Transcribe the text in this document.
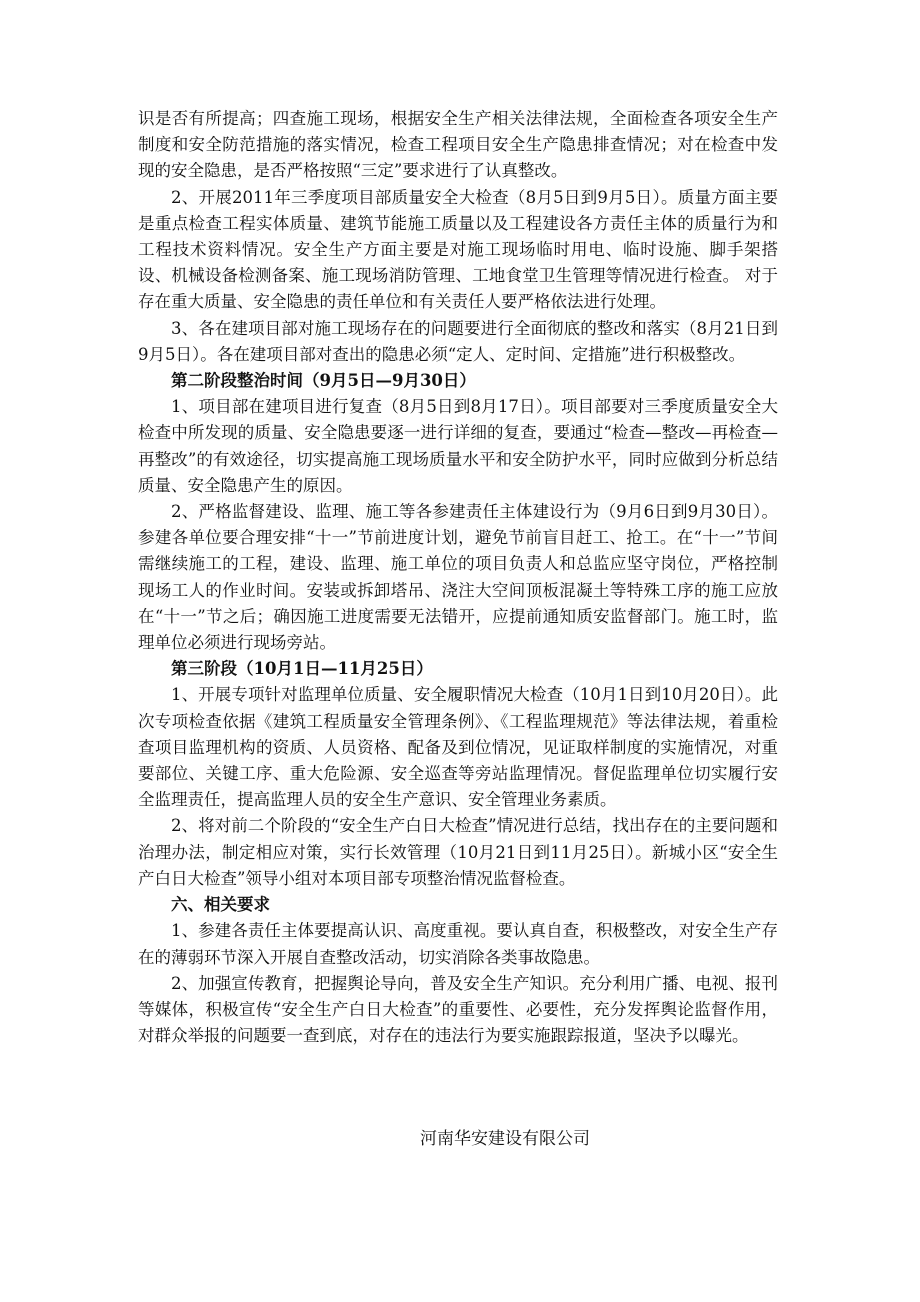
识是否有所提高；四查施工现场，根据安全生产相关法律法规，全面检查各项安全生产制度和安全防范措施的落实情况，检查工程项目安全生产隐患排查情况；对在检查中发现的安全隐患，是否严格按照“三定”要求进行了认真整改。

2、开展2011年三季度项目部质量安全大检查（8月5日到9月5日）。质量方面主要是重点检查工程实体质量、建筑节能施工质量以及工程建设各方责任主体的质量行为和工程技术资料情况。安全生产方面主要是对施工现场临时用电、临时设施、脚手架搭设、机械设备检测备案、施工现场消防管理、工地食堂卫生管理等情况进行检查。 对于存在重大质量、安全隐患的责任单位和有关责任人要严格依法进行处理。

3、各在建项目部对施工现场存在的问题要进行全面彻底的整改和落实（8月21日到9月5日）。各在建项目部对查出的隐患必须“定人、定时间、定措施”进行积极整改。

第二阶段整治时间（9月5日—9月30日）

1、项目部在建项目进行复查（8月5日到8月17日）。项目部要对三季度质量安全大检查中所发现的质量、安全隐患要逐一进行详细的复查，要通过“检查—整改—再检查—再整改”的有效途径，切实提高施工现场质量水平和安全防护水平，同时应做到分析总结质量、安全隐患产生的原因。

2、严格监督建设、监理、施工等各参建责任主体建设行为（9月6日到9月30日）。参建各单位要合理安排“十一”节前进度计划，避免节前盲目赶工、抢工。在“十一”节间需继续施工的工程，建设、监理、施工单位的项目负责人和总监应坚守岗位，严格控制现场工人的作业时间。安装或拆卸塔吊、浇注大空间顶板混凝土等特殊工序的施工应放在“十一”节之后；确因施工进度需要无法错开，应提前通知质安监督部门。施工时，监理单位必须进行现场旁站。

第三阶段（10月1日—11月25日）

1、开展专项针对监理单位质量、安全履职情况大检查（10月1日到10月20日）。此次专项检查依据《建筑工程质量安全管理条例》、《工程监理规范》等法律法规，着重检查项目监理机构的资质、人员资格、配备及到位情况，见证取样制度的实施情况，对重要部位、关键工序、重大危险源、安全巡查等旁站监理情况。督促监理单位切实履行安全监理责任，提高监理人员的安全生产意识、安全管理业务素质。

2、将对前二个阶段的“安全生产白日大检查”情况进行总结，找出存在的主要问题和治理办法，制定相应对策，实行长效管理（10月21日到11月25日）。新城小区“安全生产白日大检查”领导小组对本项目部专项整治情况监督检查。

六、相关要求

1、参建各责任主体要提高认识、高度重视。要认真自查，积极整改，对安全生产存在的薄弱环节深入开展自查整改活动，切实消除各类事故隐患。

2、加强宣传教育，把握舆论导向，普及安全生产知识。充分利用广播、电视、报刊等媒体，积极宣传“安全生产白日大检查”的重要性、必要性，充分发挥舆论监督作用，对群众举报的问题要一查到底，对存在的违法行为要实施跟踪报道，坚决予以曝光。

河南华安建设有限公司
